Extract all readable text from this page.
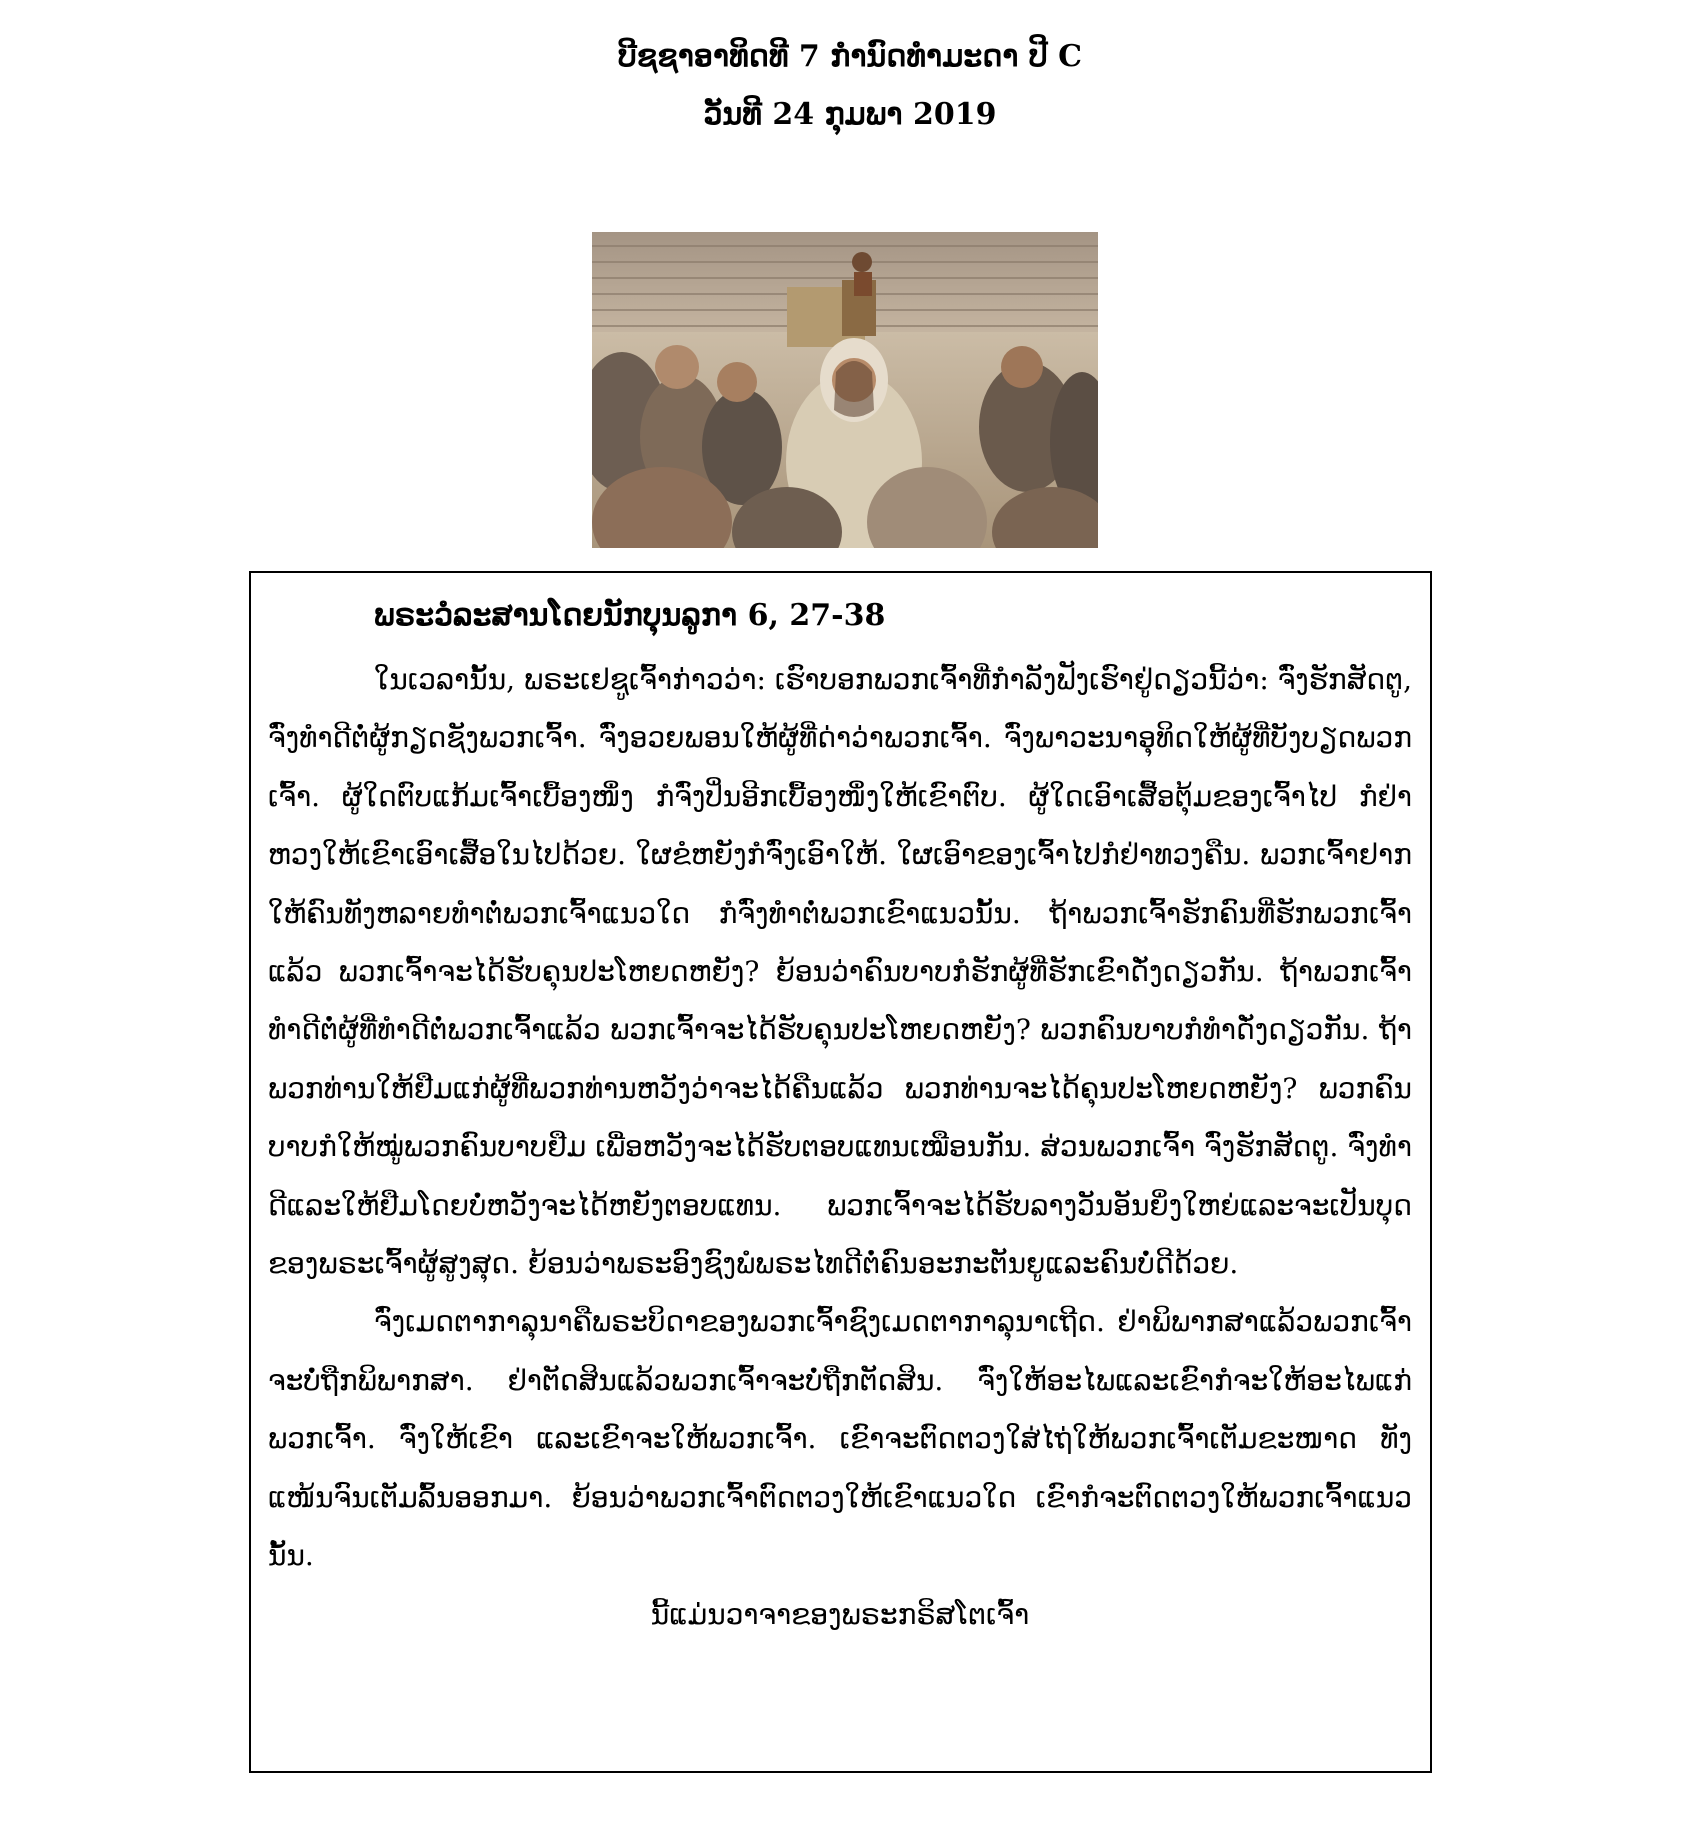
ບີຊຊາອາທິດທີ 7 ກໍານົດທໍາມະດາ ປີ C
ວັນທີ 24 ກຸມພາ 2019
ພຣະວໍລະສານໂດຍນັກບຸນລູກາ 6, 27-38

ໃນເວລານັ້ນ, ພຣະເຢຊູເຈົ້າກ່າວວ່າ: ເຮົາບອກພວກເຈົ້າທີ່ກໍາລັງຟັງເຮົາຢູ່ດຽວນີ້ວ່າ: ຈົ່ງຮັກສັດຕູ, ຈົ່ງທໍາດີຕໍ່ຜູ້ກຽດຊັງພວກເຈົ້າ. ຈົ່ງອວຍພອນໃຫ້ຜູ້ທີ່ດ່າວ່າພວກເຈົ້າ. ຈົ່ງພາວະນາອຸທິດໃຫ້ຜູ້ທີ່ບັງບຽດພວກເຈົ້າ. ຜູ້ໃດຕົບແກ້ມເຈົ້າເບື້ອງໜຶ່ງ ກໍຈົ່ງປິ່ນອີກເບື້ອງໜຶ່ງໃຫ້ເຂົາຕົບ. ຜູ້ໃດເອົາເສື້ອຕຸ້ມຂອງເຈົ້າໄປ ກໍຢ່າຫວງໃຫ້ເຂົາເອົາເສື້ອໃນໄປດ້ວຍ. ໃຜຂໍຫຍັງກໍຈົ່ງເອົາໃຫ້. ໃຜເອົາຂອງເຈົ້າໄປກໍຢ່າທວງຄືນ. ພວກເຈົ້າຢາກໃຫ້ຄົນທັງຫລາຍທໍາຕໍ່ພວກເຈົ້າແນວໃດ ກໍຈົ່ງທໍາຕໍ່ພວກເຂົາແນວນັ້ນ. ຖ້າພວກເຈົ້າຮັກຄົນທີ່ຮັກພວກເຈົ້າແລ້ວ ພວກເຈົ້າຈະໄດ້ຮັບຄຸນປະໂຫຍດຫຍັງ? ຍ້ອນວ່າຄົນບາບກໍຮັກຜູ້ທີ່ຮັກເຂົາດັ່ງດຽວກັນ. ຖ້າພວກເຈົ້າທໍາດີຕໍ່ຜູ້ທີ່ທໍາດີຕໍ່ພວກເຈົ້າແລ້ວ ພວກເຈົ້າຈະໄດ້ຮັບຄຸນປະໂຫຍດຫຍັງ? ພວກຄົນບາບກໍທໍາດັ່ງດຽວກັນ. ຖ້າພວກທ່ານໃຫ້ຢືມແກ່ຜູ້ທີ່ພວກທ່ານຫວັງວ່າຈະໄດ້ຄືນແລ້ວ ພວກທ່ານຈະໄດ້ຄຸນປະໂຫຍດຫຍັງ? ພວກຄົນບາບກໍໃຫ້ໝູ່ພວກຄົນບາບຢືມ ເພື່ອຫວັງຈະໄດ້ຮັບຕອບແທນເໝືອນກັນ. ສ່ວນພວກເຈົ້າ ຈົ່ງຮັກສັດຕູ. ຈົ່ງທໍາດີແລະໃຫ້ຢືມໂດຍບໍ່ຫວັງຈະໄດ້ຫຍັງຕອບແທນ. ພວກເຈົ້າຈະໄດ້ຮັບລາງວັນອັນຍິ່ງໃຫຍ່ແລະຈະເປັນບຸດຂອງພຣະເຈົ້າຜູ້ສູງສຸດ. ຍ້ອນວ່າພຣະອົງຊົງພໍພຣະໄທດີຕໍ່ຄົນອະກະຕັນຍູແລະຄົນບໍ່ດີດ້ວຍ.

ຈົ່ງເມດຕາກາລຸນາຄືພຣະບິດາຂອງພວກເຈົ້າຊົງເມດຕາກາລຸນາເຖີດ. ຢ່າພິພາກສາແລ້ວພວກເຈົ້າຈະບໍ່ຖືກພິພາກສາ. ຢ່າຕັດສິນແລ້ວພວກເຈົ້າຈະບໍ່ຖືກຕັດສິນ. ຈົ່ງໃຫ້ອະໄພແລະເຂົາກໍຈະໃຫ້ອະໄພແກ່ພວກເຈົ້າ. ຈົ່ງໃຫ້ເຂົາ ແລະເຂົາຈະໃຫ້ພວກເຈົ້າ. ເຂົາຈະຕົດຕວງໃສ່ໄຖ່ໃຫ້ພວກເຈົ້າເຕັມຂະໜາດ ທັງແໜ້ນຈົນເຕັມລົ້ນອອກມາ. ຍ້ອນວ່າພວກເຈົ້າຕົດຕວງໃຫ້ເຂົາແນວໃດ ເຂົາກໍຈະຕົດຕວງໃຫ້ພວກເຈົ້າແນວນັ້ນ.

ນີ້ແມ່ນວາຈາຂອງພຣະກຣິສໂຕເຈົ້າ
